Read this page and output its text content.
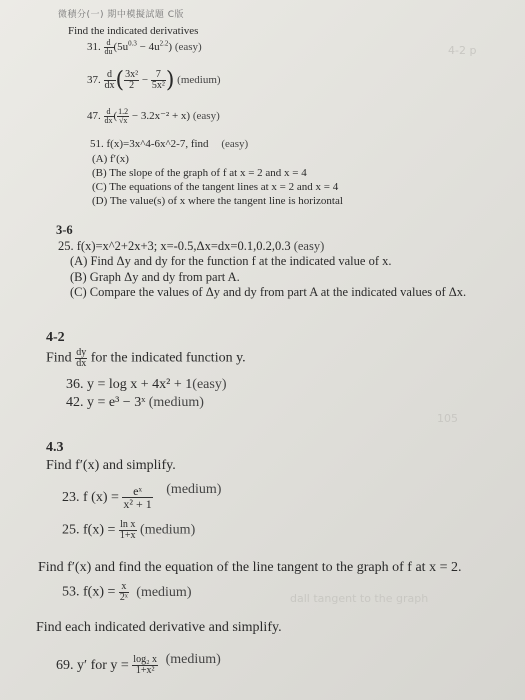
微積分(一) 期中模擬試題 C版
4-2 p
105
dall tangent to the graph
Find the indicated derivatives
31. $\frac{d}{du} (5u^{0.3} - 4u^{2.2})$ (easy)
37. $\frac{d}{dx}$ ( $\frac{\text{3x²}}{2} - \frac{7}{\text{5x²}}$ ) (medium)
47. $\frac{d}{dx}$ ( $\frac{1.2}{√x} - 3.2x^{-2} + x$) (easy)
51. f(x)=3x^4-6x^2-7, find (easy)
(A) f′(x)
(B) The slope of the graph of f at x = 2 and x = 4
(C) The equations of the tangent lines at x = 2 and x = 4
(D) The value(s) of x where the tangent line is horizontal
3-6
25. f(x)=x^2+2x+3; x=-0.5,Δx=dx=0.1,0.2,0.3 (easy)
(A) Find Δy and dy for the function f at the indicated value of x.
(B) Graph Δy and dy from part A.
(C) Compare the values of Δy and dy from part A at the indicated values of Δx.
4-2
Find $\frac{dy}{dx}$ for the indicated function y.
36. y = log x + 4x² + 1(easy)
42. y = e³ − 3ˣ (medium)
4.3
Find f′(x) and simplify.
23. f $(x) = \frac{\text{eˣ}}{\text{x² + 1}}$ (medium)
25. $f(x) = \frac{\text{ln x}}{1+x}$ (medium)
Find f′(x) and find the equation of the line tangent to the graph of f at x = 2.
53. $f(x) = \frac{x}{\text{2ˣ}}$ (medium)
Find each indicated derivative and simplify.
69. y′ for $y = \frac{\text{log₂ x}}{\text{1+x²}}$ (medium)
